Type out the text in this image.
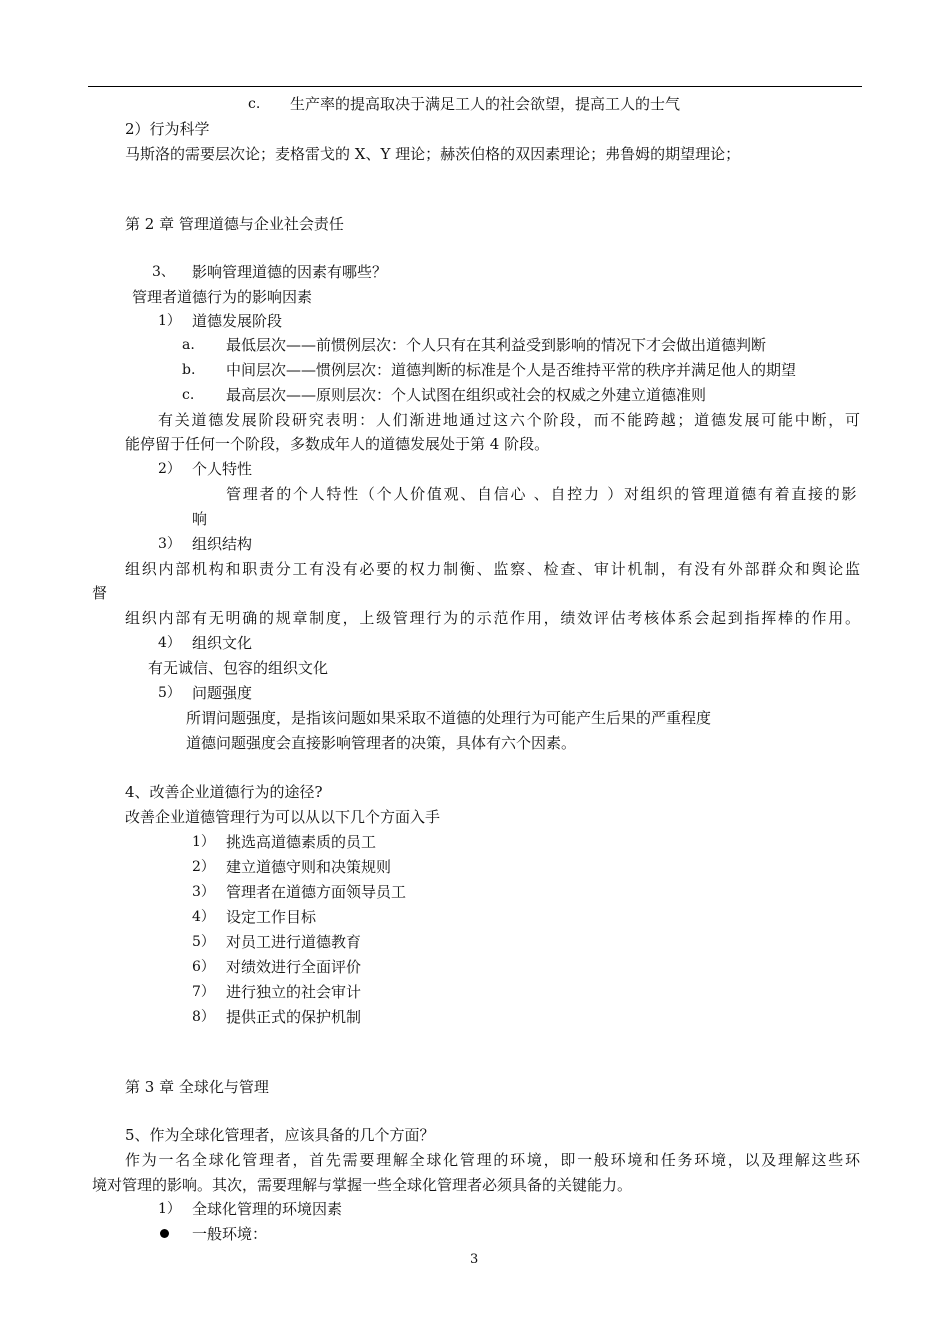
c. 生产率的提高取决于满足工人的社会欲望，提高工人的士气
2）行为科学
马斯洛的需要层次论；麦格雷戈的 X、Y 理论；赫茨伯格的双因素理论；弗鲁姆的期望理论；
第 2 章 管理道德与企业社会责任
3、 影响管理道德的因素有哪些？
管理者道德行为的影响因素
1） 道德发展阶段
a. 最低层次——前惯例层次：个人只有在其利益受到影响的情况下才会做出道德判断
b. 中间层次——惯例层次：道德判断的标准是个人是否维持平常的秩序并满足他人的期望
c. 最高层次——原则层次：个人试图在组织或社会的权威之外建立道德准则
有关道德发展阶段研究表明：人们渐进地通过这六个阶段，而不能跨越；道德发展可能中断，可
能停留于任何一个阶段，多数成年人的道德发展处于第 4 阶段。
2） 个人特性
管理者的个人特性（个人价值观、自信心 、自控力 ）对组织的管理道德有着直接的影
响
3） 组织结构
组织内部机构和职责分工有没有必要的权力制衡、监察、检查、审计机制，有没有外部群众和舆论监
督
组织内部有无明确的规章制度，上级管理行为的示范作用，绩效评估考核体系会起到指挥棒的作用。
4） 组织文化
有无诚信、包容的组织文化
5） 问题强度
所谓问题强度，是指该问题如果采取不道德的处理行为可能产生后果的严重程度
道德问题强度会直接影响管理者的决策，具体有六个因素。
4、改善企业道德行为的途径?
改善企业道德管理行为可以从以下几个方面入手
1） 挑选高道德素质的员工
2） 建立道德守则和决策规则
3） 管理者在道德方面领导员工
4） 设定工作目标
5） 对员工进行道德教育
6） 对绩效进行全面评价
7） 进行独立的社会审计
8） 提供正式的保护机制
第 3 章 全球化与管理
5、作为全球化管理者，应该具备的几个方面？
作为一名全球化管理者，首先需要理解全球化管理的环境，即一般环境和任务环境，以及理解这些环
境对管理的影响。其次，需要理解与掌握一些全球化管理者必须具备的关键能力。
1） 全球化管理的环境因素
一般环境：
3
